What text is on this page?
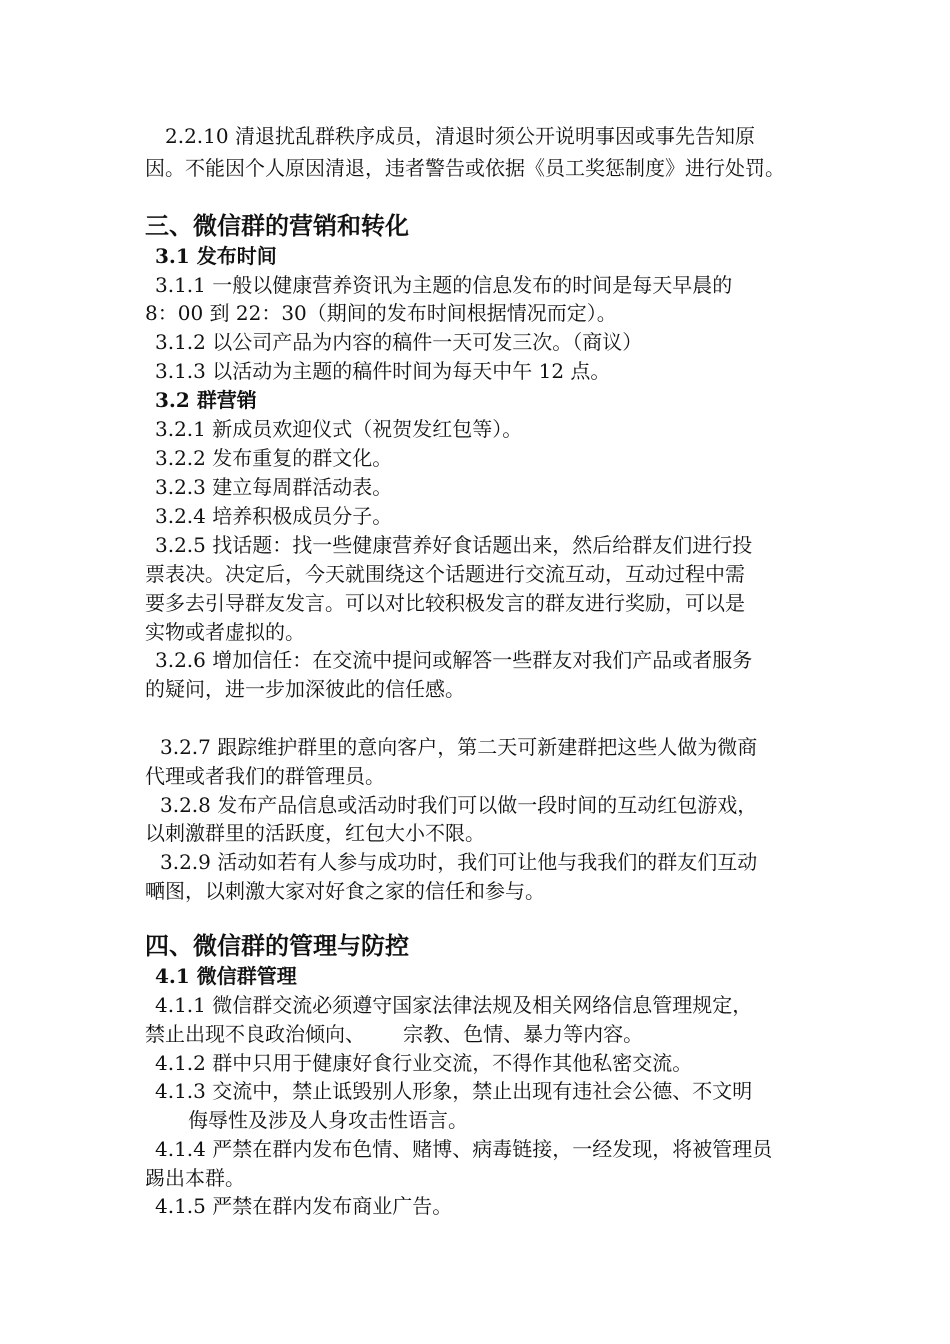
2.2.10 清退扰乱群秩序成员，清退时须公开说明事因或事先告知原
因。不能因个人原因清退，违者警告或依据《员工奖惩制度》进行处罚。
三、微信群的营销和转化
3.1 发布时间
3.1.1 一般以健康营养资讯为主题的信息发布的时间是每天早晨的
8：00 到 22：30（期间的发布时间根据情况而定）。
3.1.2 以公司产品为内容的稿件一天可发三次。（商议）
3.1.3 以活动为主题的稿件时间为每天中午 12 点。
3.2 群营销
3.2.1 新成员欢迎仪式（祝贺发红包等）。
3.2.2 发布重复的群文化。
3.2.3 建立每周群活动表。
3.2.4 培养积极成员分子。
3.2.5 找话题：找一些健康营养好食话题出来，然后给群友们进行投
票表决。决定后，今天就围绕这个话题进行交流互动，互动过程中需
要多去引导群友发言。可以对比较积极发言的群友进行奖励，可以是
实物或者虚拟的。
3.2.6 增加信任：在交流中提问或解答一些群友对我们产品或者服务
的疑问，进一步加深彼此的信任感。
3.2.7 跟踪维护群里的意向客户，第二天可新建群把这些人做为微商
代理或者我们的群管理员。
3.2.8 发布产品信息或活动时我们可以做一段时间的互动红包游戏，
以刺激群里的活跃度，红包大小不限。
3.2.9 活动如若有人参与成功时，我们可让他与我我们的群友们互动
嗮图，以刺激大家对好食之家的信任和参与。
四、微信群的管理与防控
4.1 微信群管理
4.1.1 微信群交流必须遵守国家法律法规及相关网络信息管理规定，
禁止出现不良政治倾向、      宗教、色情、暴力等内容。
4.1.2 群中只用于健康好食行业交流，不得作其他私密交流。
4.1.3 交流中，禁止诋毁别人形象，禁止出现有违社会公德、不文明
侮辱性及涉及人身攻击性语言。
4.1.4 严禁在群内发布色情、赌博、病毒链接，一经发现，将被管理员
踢出本群。
4.1.5 严禁在群内发布商业广告。
